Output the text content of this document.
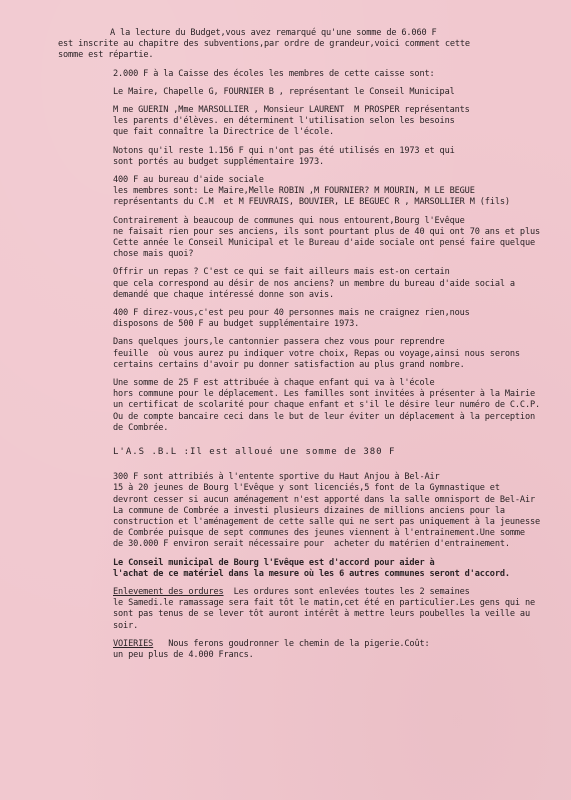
A la lecture du Budget,vous avez remarqué qu'une somme de 6.060 F
est inscrite au chapitre des subventions,par ordre de grandeur,voici comment cette
somme est répartie.

2.000 F à la Caisse des écoles les membres de cette caisse sont:

Le Maire, Chapelle G, FOURNIER B , représentant le Conseil Municipal

M me GUERIN ,Mme MARSOLLIER , Monsieur LAURENT  M PROSPER représentants
les parents d'élèves. en déterminent l'utilisation selon les besoins
que fait connaître la Directrice de l'école.

Notons qu'il reste 1.156 F qui n'ont pas été utilisés en 1973 et qui
sont portés au budget supplémentaire 1973.

400 F au bureau d'aide sociale
les membres sont: Le Maire,Melle ROBIN ,M FOURNIER? M MOURIN, M LE BEGUE
représentants du C.M  et M FEUVRAIS, BOUVIER, LE BEGUEC R , MARSOLLIER M (fils)

Contrairement à beaucoup de communes qui nous entourent,Bourg l'Evêque
ne faisait rien pour ses anciens, ils sont pourtant plus de 40 qui ont 70 ans et plus
Cette année le Conseil Municipal et le Bureau d'aide sociale ont pensé faire quelque
chose mais quoi?

Offrir un repas ? C'est ce qui se fait ailleurs mais est-on certain
que cela correspond au désir de nos anciens? un membre du bureau d'aide social a
demandé que chaque intéressé donne son avis.

400 F direz-vous,c'est peu pour 40 personnes mais ne craignez rien,nous
disposons de 500 F au budget supplémentaire 1973.

Dans quelques jours,le cantonnier passera chez vous pour reprendre
feuille  où vous aurez pu indiquer votre choix, Repas ou voyage,ainsi nous serons
certains certains d'avoir pu donner satisfaction au plus grand nombre.

Une somme de 25 F est attribuée à chaque enfant qui va à l'école
hors commune pour le déplacement. Les familles sont invitées à présenter à la Mairie
un certificat de scolarité pour chaque enfant et s'il le désire leur numéro de C.C.P.
Ou de compte bancaire ceci dans le but de leur éviter un déplacement à la perception
de Combrée.

L'A.S .B.L :Il est alloué une somme de 380 F

300 F sont attribiés à l'entente sportive du Haut Anjou à Bel-Air
15 à 20 jeunes de Bourg l'Evêque y sont licenciés,5 font de la Gymnastique et
devront cesser si aucun aménagement n'est apporté dans la salle omnisport de Bel-Air
La commune de Combrée a investi plusieurs dizaines de millions anciens pour la
construction et l'aménagement de cette salle qui ne sert pas uniquement à la jeunesse
de Combrée puisque de sept communes des jeunes viennent à l'entrainement.Une somme
de 30.000 F environ serait nécessaire pour  acheter du matérien d'entrainement.

Le Conseil municipal de Bourg l'Evêque est d'accord pour aider à
l'achat de ce matériel dans la mesure où les 6 autres communes seront d'accord.

Enlevement des ordures  Les ordures sont enlevées toutes les 2 semaines
le Samedi.le ramassage sera fait tôt le matin,cet été en particulier.Les gens qui ne
sont pas tenus de se lever tôt auront intérêt à mettre leurs poubelles la veille au
soir.

VOIERIES   Nous ferons goudronner le chemin de la pigerie.Coût:
un peu plus de 4.000 Francs.
